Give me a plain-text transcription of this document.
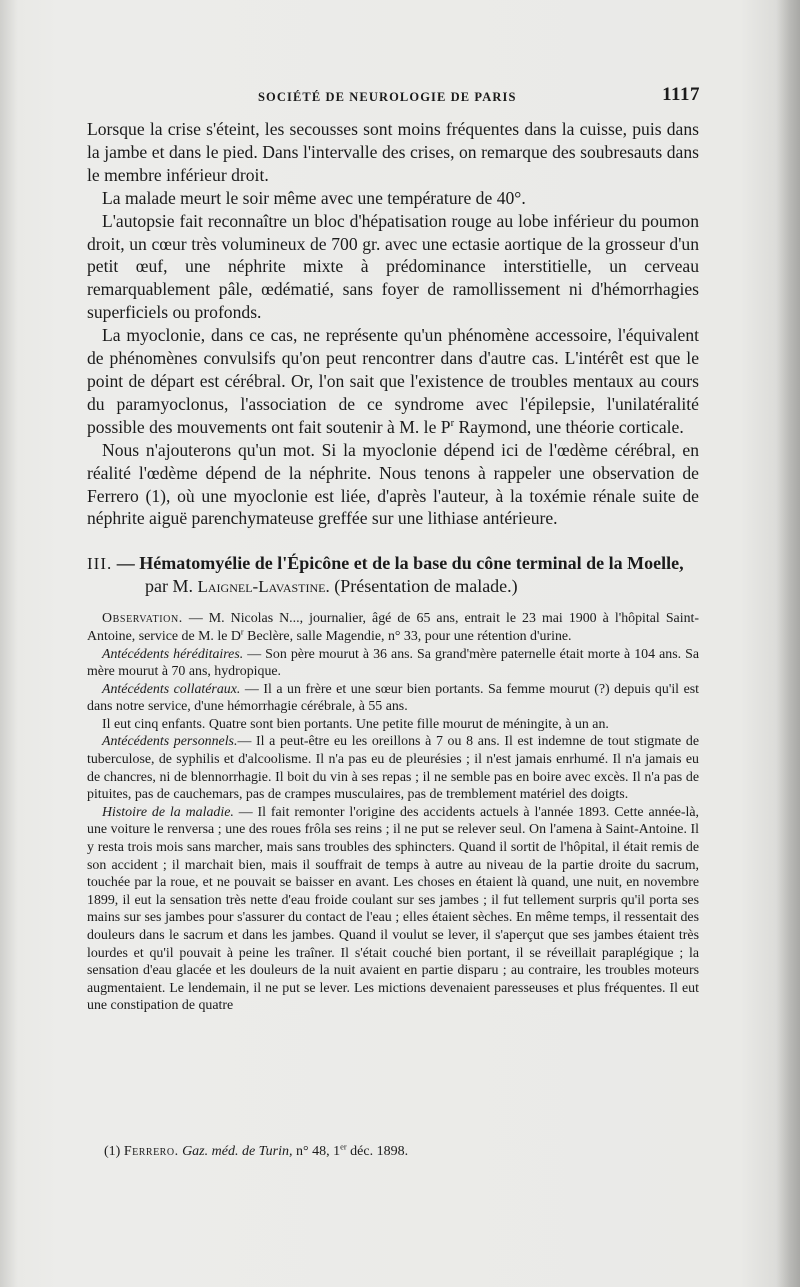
SOCIÉTÉ DE NEUROLOGIE DE PARIS	1117

Lorsque la crise s'éteint, les secousses sont moins fréquentes dans la cuisse, puis dans la jambe et dans le pied. Dans l'intervalle des crises, on remarque des soubresauts dans le membre inférieur droit.

La malade meurt le soir même avec une température de 40°.

L'autopsie fait reconnaître un bloc d'hépatisation rouge au lobe inférieur du poumon droit, un cœur très volumineux de 700 gr. avec une ectasie aortique de la grosseur d'un petit œuf, une néphrite mixte à prédominance interstitielle, un cerveau remarquablement pâle, œdématié, sans foyer de ramollissement ni d'hémorrhagies superficiels ou profonds.

La myoclonie, dans ce cas, ne représente qu'un phénomène accessoire, l'équivalent de phénomènes convulsifs qu'on peut rencontrer dans d'autre cas. L'intérêt est que le point de départ est cérébral. Or, l'on sait que l'existence de troubles mentaux au cours du paramyoclonus, l'association de ce syndrome avec l'épilepsie, l'unilatéralité possible des mouvements ont fait soutenir à M. le $P^r$ Raymond, une théorie corticale.

Nous n'ajouterons qu'un mot. Si la myoclonie dépend ici de l'œdème cérébral, en réalité l'œdème dépend de la néphrite. Nous tenons à rappeler une observation de Ferrero (1), où une myoclonie est liée, d'après l'auteur, à la toxémie rénale suite de néphrite aiguë parenchymateuse greffée sur une lithiase antérieure.

III. — Hématomyélie de l'Épicône et de la base du cône terminal de la Moelle, par M. Laignel-Lavastine. (Présentation de malade.)

Observation. — M. Nicolas N..., journalier, âgé de 65 ans, entrait le 23 mai 1900 à l'hôpital Saint-Antoine, service de M. le $D^r$ Beclère, salle Magendie, n° 33, pour une rétention d'urine.

Antécédents héréditaires. — Son père mourut à 36 ans. Sa grand'mère paternelle était morte à 104 ans. Sa mère mourut à 70 ans, hydropique.

Antécédents collatéraux. — Il a un frère et une sœur bien portants. Sa femme mourut (?) depuis qu'il est dans notre service, d'une hémorrhagie cérébrale, à 55 ans.

Il eut cinq enfants. Quatre sont bien portants. Une petite fille mourut de méningite, à un an.

Antécédents personnels.— Il a peut-être eu les oreillons à 7 ou 8 ans. Il est indemne de tout stigmate de tuberculose, de syphilis et d'alcoolisme. Il n'a pas eu de pleurésies ; il n'est jamais enrhumé. Il n'a jamais eu de chancres, ni de blennorrhagie. Il boit du vin à ses repas ; il ne semble pas en boire avec excès. Il n'a pas de pituites, pas de cauchemars, pas de crampes musculaires, pas de tremblement matériel des doigts.

Histoire de la maladie. — Il fait remonter l'origine des accidents actuels à l'année 1893. Cette année-là, une voiture le renversa ; une des roues frôla ses reins ; il ne put se relever seul. On l'amena à Saint-Antoine. Il y resta trois mois sans marcher, mais sans troubles des sphincters. Quand il sortit de l'hôpital, il était remis de son accident ; il marchait bien, mais il souffrait de temps à autre au niveau de la partie droite du sacrum, touchée par la roue, et ne pouvait se baisser en avant. Les choses en étaient là quand, une nuit, en novembre 1899, il eut la sensation très nette d'eau froide coulant sur ses jambes ; il fut tellement surpris qu'il porta ses mains sur ses jambes pour s'assurer du contact de l'eau ; elles étaient sèches. En même temps, il ressentait des douleurs dans le sacrum et dans les jambes. Quand il voulut se lever, il s'aperçut que ses jambes étaient très lourdes et qu'il pouvait à peine les traîner. Il s'était couché bien portant, il se réveillait paraplégique ; la sensation d'eau glacée et les douleurs de la nuit avaient en partie disparu ; au contraire, les troubles moteurs augmentaient. Le lendemain, il ne put se lever. Les mictions devenaient paresseuses et plus fréquentes. Il eut une constipation de quatre

(1) Ferrero. Gaz. méd. de Turin, n° 48, 1er déc. 1898.
